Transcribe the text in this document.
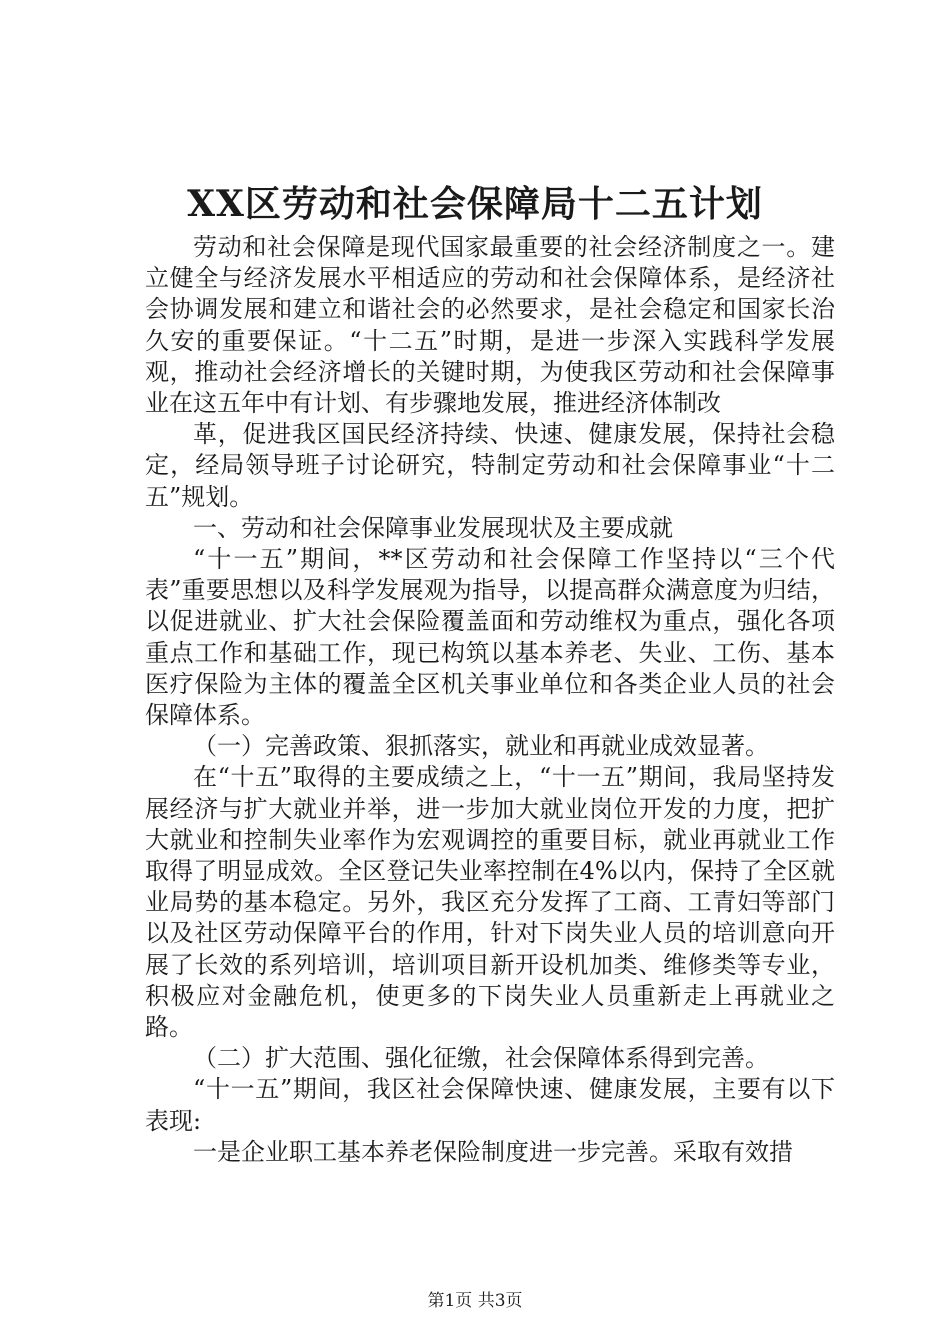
XX区劳动和社会保障局十二五计划

劳动和社会保障是现代国家最重要的社会经济制度之一。建立健全与经济发展水平相适应的劳动和社会保障体系，是经济社会协调发展和建立和谐社会的必然要求，是社会稳定和国家长治久安的重要保证。“十二五”时期，是进一步深入实践科学发展观，推动社会经济增长的关键时期，为使我区劳动和社会保障事业在这五年中有计划、有步骤地发展，推进经济体制改

革，促进我区国民经济持续、快速、健康发展，保持社会稳定，经局领导班子讨论研究，特制定劳动和社会保障事业“十二五”规划。

一、劳动和社会保障事业发展现状及主要成就

“十一五”期间，**区劳动和社会保障工作坚持以“三个代表”重要思想以及科学发展观为指导，以提高群众满意度为归结，以促进就业、扩大社会保险覆盖面和劳动维权为重点，强化各项重点工作和基础工作，现已构筑以基本养老、失业、工伤、基本医疗保险为主体的覆盖全区机关事业单位和各类企业人员的社会保障体系。

（一）完善政策、狠抓落实，就业和再就业成效显著。

在“十五”取得的主要成绩之上，“十一五”期间，我局坚持发展经济与扩大就业并举，进一步加大就业岗位开发的力度，把扩大就业和控制失业率作为宏观调控的重要目标，就业再就业工作取得了明显成效。全区登记失业率控制在4%以内，保持了全区就业局势的基本稳定。另外，我区充分发挥了工商、工青妇等部门以及社区劳动保障平台的作用，针对下岗失业人员的培训意向开展了长效的系列培训，培训项目新开设机加类、维修类等专业，积极应对金融危机，使更多的下岗失业人员重新走上再就业之路。

（二）扩大范围、强化征缴，社会保障体系得到完善。

“十一五”期间，我区社会保障快速、健康发展，主要有以下表现:

一是企业职工基本养老保险制度进一步完善。采取有效措

第1页 共3页
